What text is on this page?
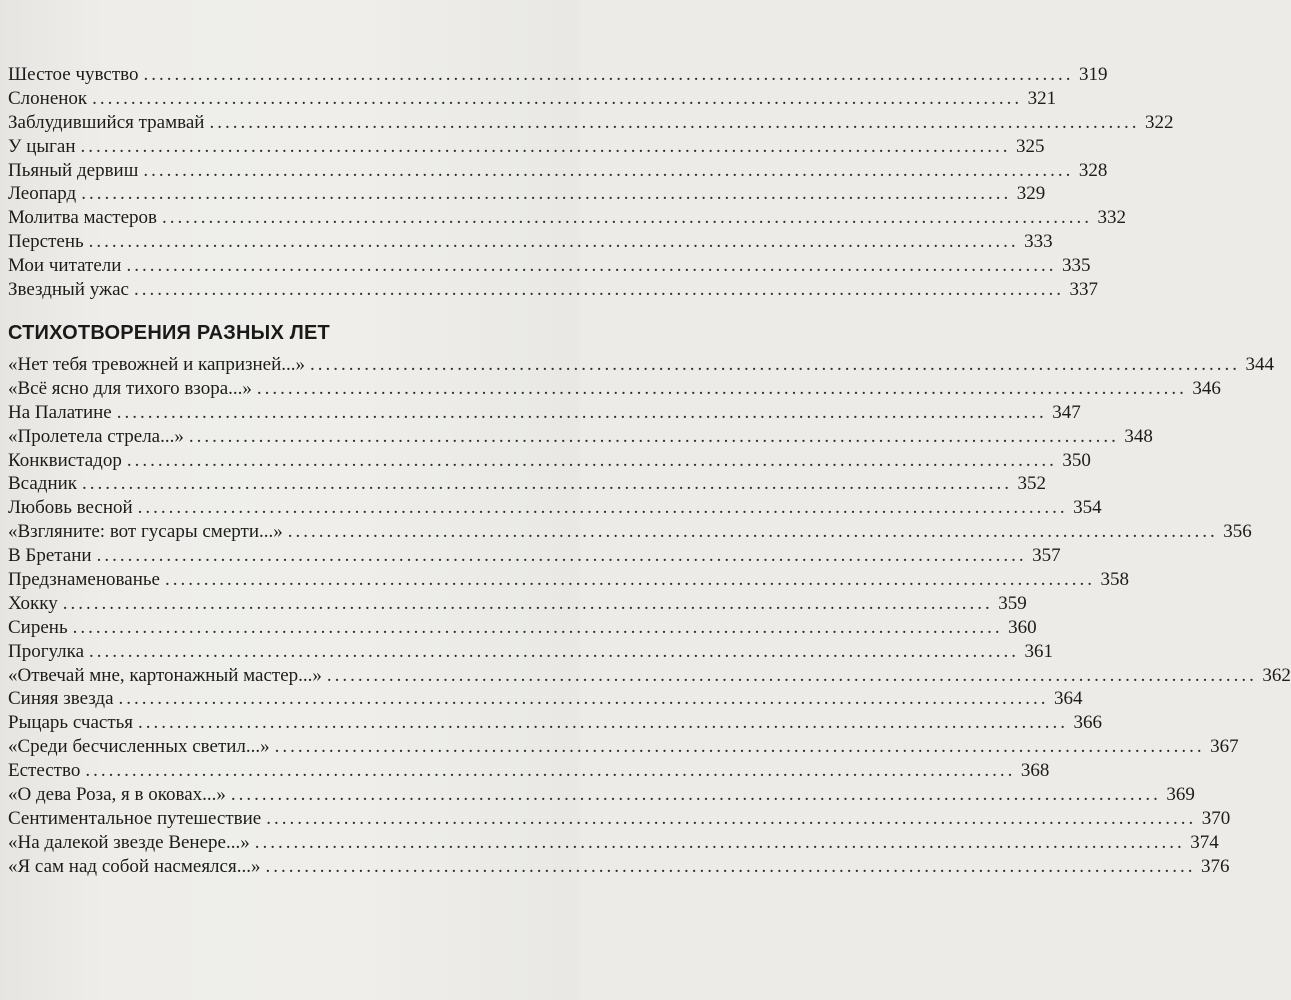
Шестое чувство ........................................................................................................................ 319
Слоненок ........................................................................................................................ 321
Заблудившийся трамвай ........................................................................................................................ 322
У цыган ........................................................................................................................ 325
Пьяный дервиш ........................................................................................................................ 328
Леопард ........................................................................................................................ 329
Молитва мастеров ........................................................................................................................ 332
Перстень ........................................................................................................................ 333
Мои читатели ........................................................................................................................ 335
Звездный ужас ........................................................................................................................ 337
СТИХОТВОРЕНИЯ РАЗНЫХ ЛЕТ
«Нет тебя тревожней и капризней...» ........................................................................................................................ 344
«Всё ясно для тихого взора...» ........................................................................................................................ 346
На Палатине ........................................................................................................................ 347
«Пролетела стрела...» ........................................................................................................................ 348
Конквистадор ........................................................................................................................ 350
Всадник ........................................................................................................................ 352
Любовь весной ........................................................................................................................ 354
«Взгляните: вот гусары смерти...» ........................................................................................................................ 356
В Бретани ........................................................................................................................ 357
Предзнаменованье ........................................................................................................................ 358
Хокку ........................................................................................................................ 359
Сирень ........................................................................................................................ 360
Прогулка ........................................................................................................................ 361
«Отвечай мне, картонажный мастер...» ........................................................................................................................ 362
Синяя звезда ........................................................................................................................ 364
Рыцарь счастья ........................................................................................................................ 366
«Среди бесчисленных светил...» ........................................................................................................................ 367
Естество ........................................................................................................................ 368
«О дева Роза, я в оковах...» ........................................................................................................................ 369
Сентиментальное путешествие ........................................................................................................................ 370
«На далекой звезде Венере...» ........................................................................................................................ 374
«Я сам над собой насмеялся...» ........................................................................................................................ 376
